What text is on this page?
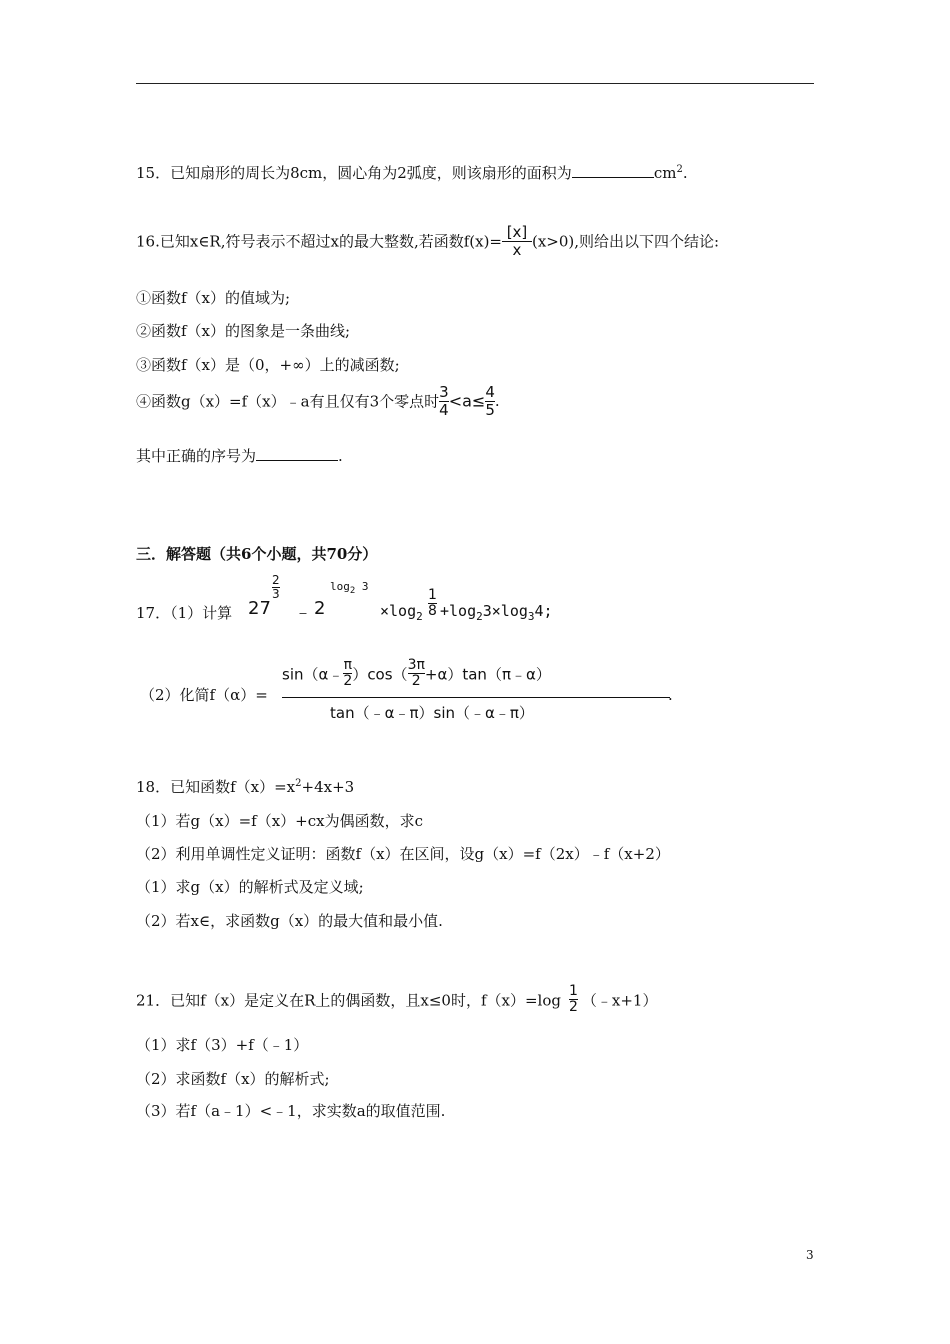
15．已知扇形的周长为8cm，圆心角为2弧度，则该扇形的面积为	$cm^2$.
16.已知x∈R,符号表示不超过x的最大整数,若函数$f(x)= \frac{[x]}{x} (x>0)$,则给出以下四个结论:
①函数f（x）的值域为;
②函数f（x）的图象是一条曲线;
③函数f（x）是（0，+∞）上的减函数;
④函数g（x）=f（x）﹣a有且仅有3个零点时 $\frac{3}{4} <a\le \frac{4}{5}$ .
其中正确的序号为	.
三．解答题（共6个小题，共70分）
17．（1）计算 27
$\frac{2}{3}$
﹣ 2
$\log_2 3$
$\times\log_2 \frac{1}{8} +\log_23\times\log_34$;
（2）化简f（α）=
sin（α﹣ $\frac{\pi}{2} )\cos( \frac{3\pi}{2}$ +α）tan（π﹣α）
tan（﹣α﹣π）sin（﹣α﹣π）
.
18．已知函数$f(x)=x^2+4x+3$
（1）若g（x）=f（x）+cx为偶函数，求c
（2）利用单调性定义证明：函数f（x）在区间，设g（x）=f（2x）﹣f（x+2）
（1）求g（x）的解析式及定义域;
（2）若x∈，求函数g（x）的最大值和最小值.
21．已知f（x）是定义在R上的偶函数，且x≤0时，$f(x)=\log \frac{1}{2}$ （﹣x+1）
（1）求f（3）+f（﹣1）
（2）求函数f（x）的解析式;
（3）若f（a﹣1）<﹣1，求实数a的取值范围.
3
